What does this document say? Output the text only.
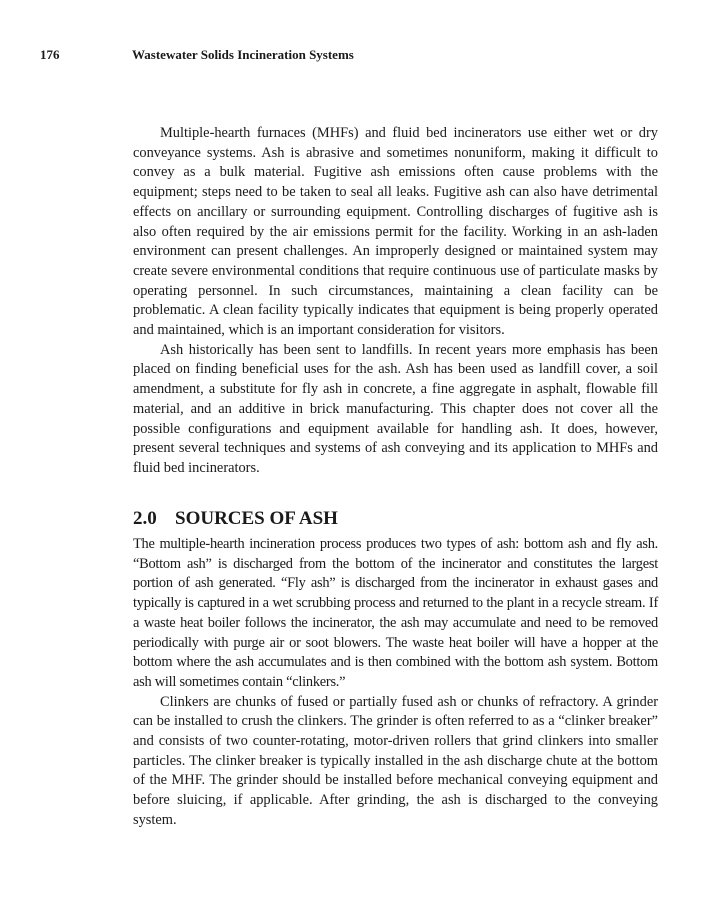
176	Wastewater Solids Incineration Systems

Multiple-hearth furnaces (MHFs) and fluid bed incinerators use either wet or dry conveyance systems. Ash is abrasive and sometimes nonuniform, making it difficult to convey as a bulk material. Fugitive ash emissions often cause problems with the equipment; steps need to be taken to seal all leaks. Fugitive ash can also have detrimental effects on ancillary or surrounding equipment. Controlling discharges of fugitive ash is also often required by the air emissions permit for the facility. Working in an ash-laden environment can present challenges. An improperly designed or maintained system may create severe environmental conditions that require continuous use of particulate masks by operating personnel. In such circumstances, maintaining a clean facility can be problematic. A clean facility typically indicates that equipment is being properly operated and maintained, which is an important consideration for visitors.

Ash historically has been sent to landfills. In recent years more emphasis has been placed on finding beneficial uses for the ash. Ash has been used as landfill cover, a soil amendment, a substitute for fly ash in concrete, a fine aggregate in asphalt, flowable fill material, and an additive in brick manufacturing. This chapter does not cover all the possible configurations and equipment available for handling ash. It does, however, present several techniques and systems of ash conveying and its application to MHFs and fluid bed incinerators.

2.0 SOURCES OF ASH

The multiple-hearth incineration process produces two types of ash: bottom ash and fly ash. “Bottom ash” is discharged from the bottom of the incinerator and constitutes the largest portion of ash generated. “Fly ash” is discharged from the incinerator in exhaust gases and typically is captured in a wet scrubbing process and returned to the plant in a recycle stream. If a waste heat boiler follows the incinerator, the ash may accumulate and need to be removed periodically with purge air or soot blowers. The waste heat boiler will have a hopper at the bottom where the ash accumulates and is then combined with the bottom ash system. Bottom ash will sometimes contain “clinkers.”

Clinkers are chunks of fused or partially fused ash or chunks of refractory. A grinder can be installed to crush the clinkers. The grinder is often referred to as a “clinker breaker” and consists of two counter-rotating, motor-driven rollers that grind clinkers into smaller particles. The clinker breaker is typically installed in the ash discharge chute at the bottom of the MHF. The grinder should be installed before mechanical conveying equipment and before sluicing, if applicable. After grinding, the ash is discharged to the conveying system.
